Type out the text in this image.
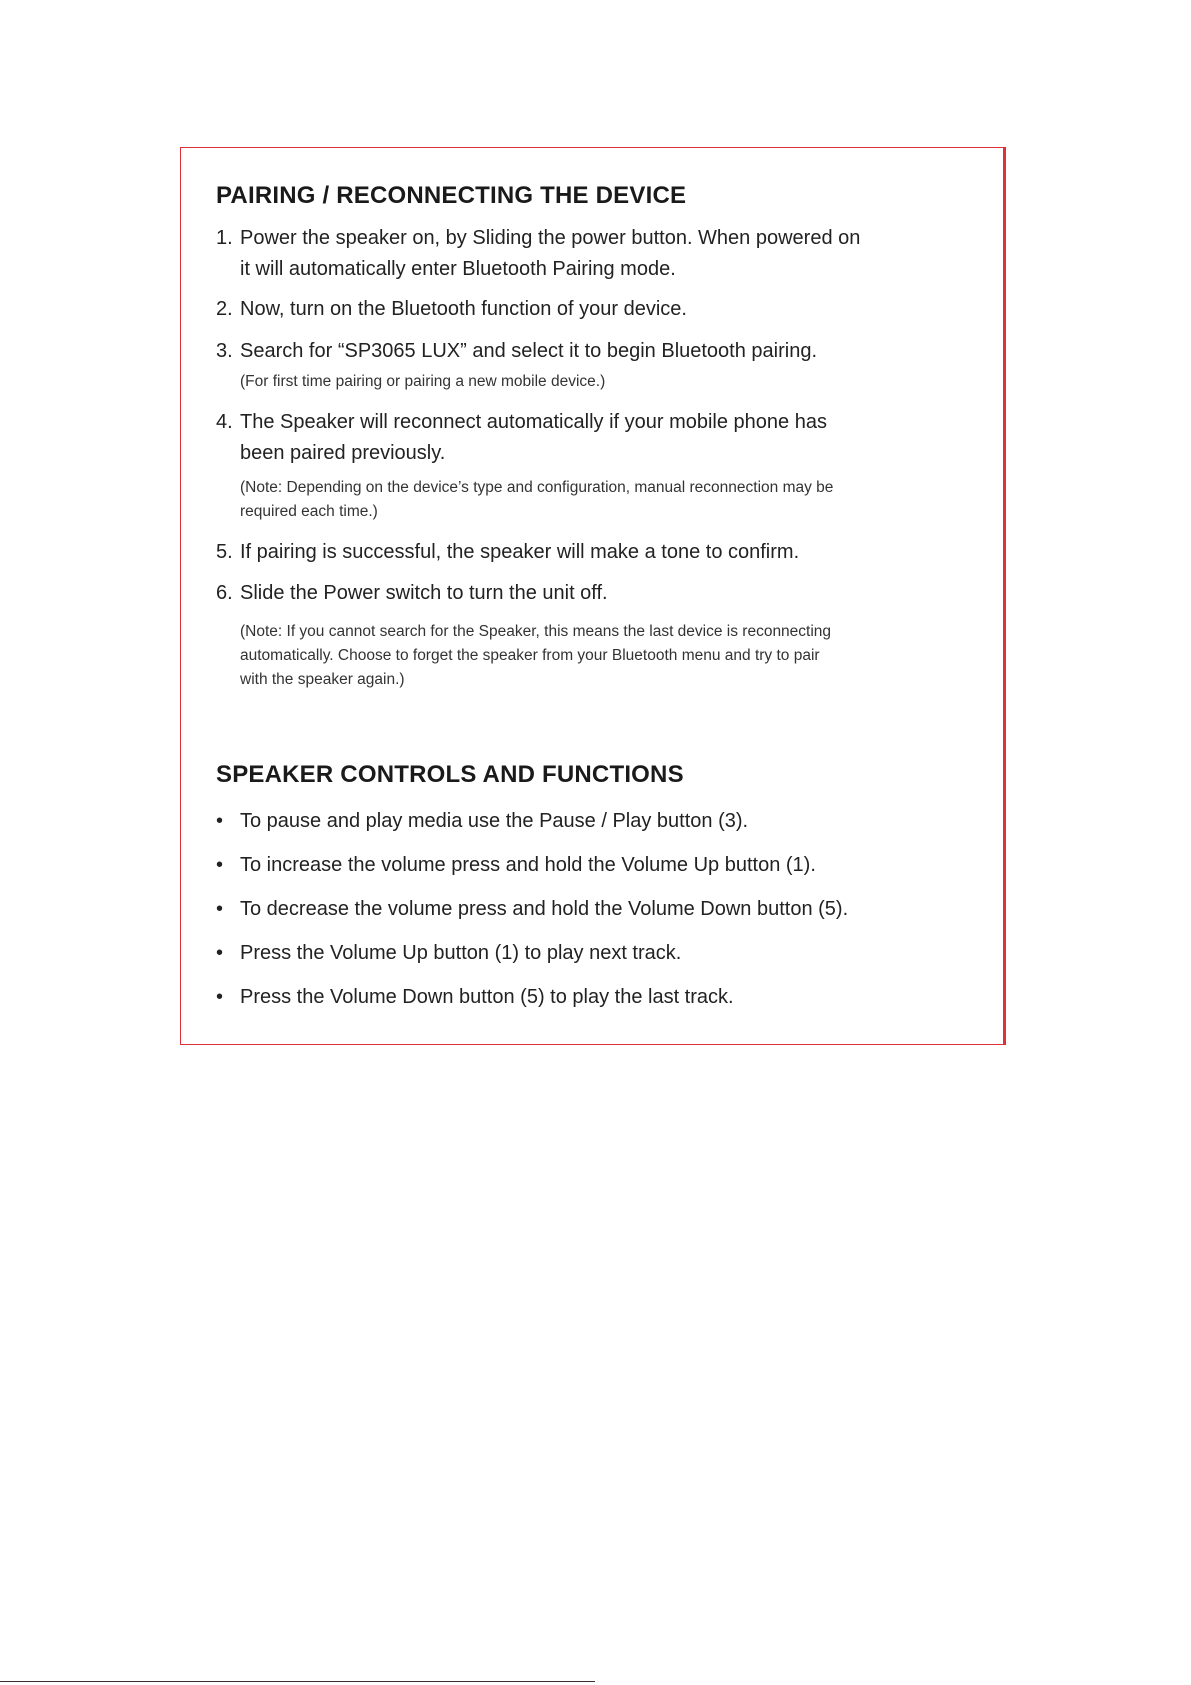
PAIRING / RECONNECTING THE DEVICE
1. Power the speaker on, by Sliding the power button. When powered on
it will automatically enter Bluetooth Pairing mode.
2. Now, turn on the Bluetooth function of your device.
3. Search for “SP3065 LUX” and select it to begin Bluetooth pairing.
(For first time pairing or pairing a new mobile device.)
4. The Speaker will reconnect automatically if your mobile phone has
been paired previously.
(Note: Depending on the device’s type and configuration, manual reconnection may be
required each time.)
5. If pairing is successful, the speaker will make a tone to confirm.
6. Slide the Power switch to turn the unit off.
(Note: If you cannot search for the Speaker, this means the last device is reconnecting
automatically. Choose to forget the speaker from your Bluetooth menu and try to pair
with the speaker again.)
SPEAKER CONTROLS AND FUNCTIONS
• To pause and play media use the Pause / Play button (3).
• To increase the volume press and hold the Volume Up button (1).
• To decrease the volume press and hold the Volume Down button (5).
• Press the Volume Up button (1) to play next track.
• Press the Volume Down button (5) to play the last track.
